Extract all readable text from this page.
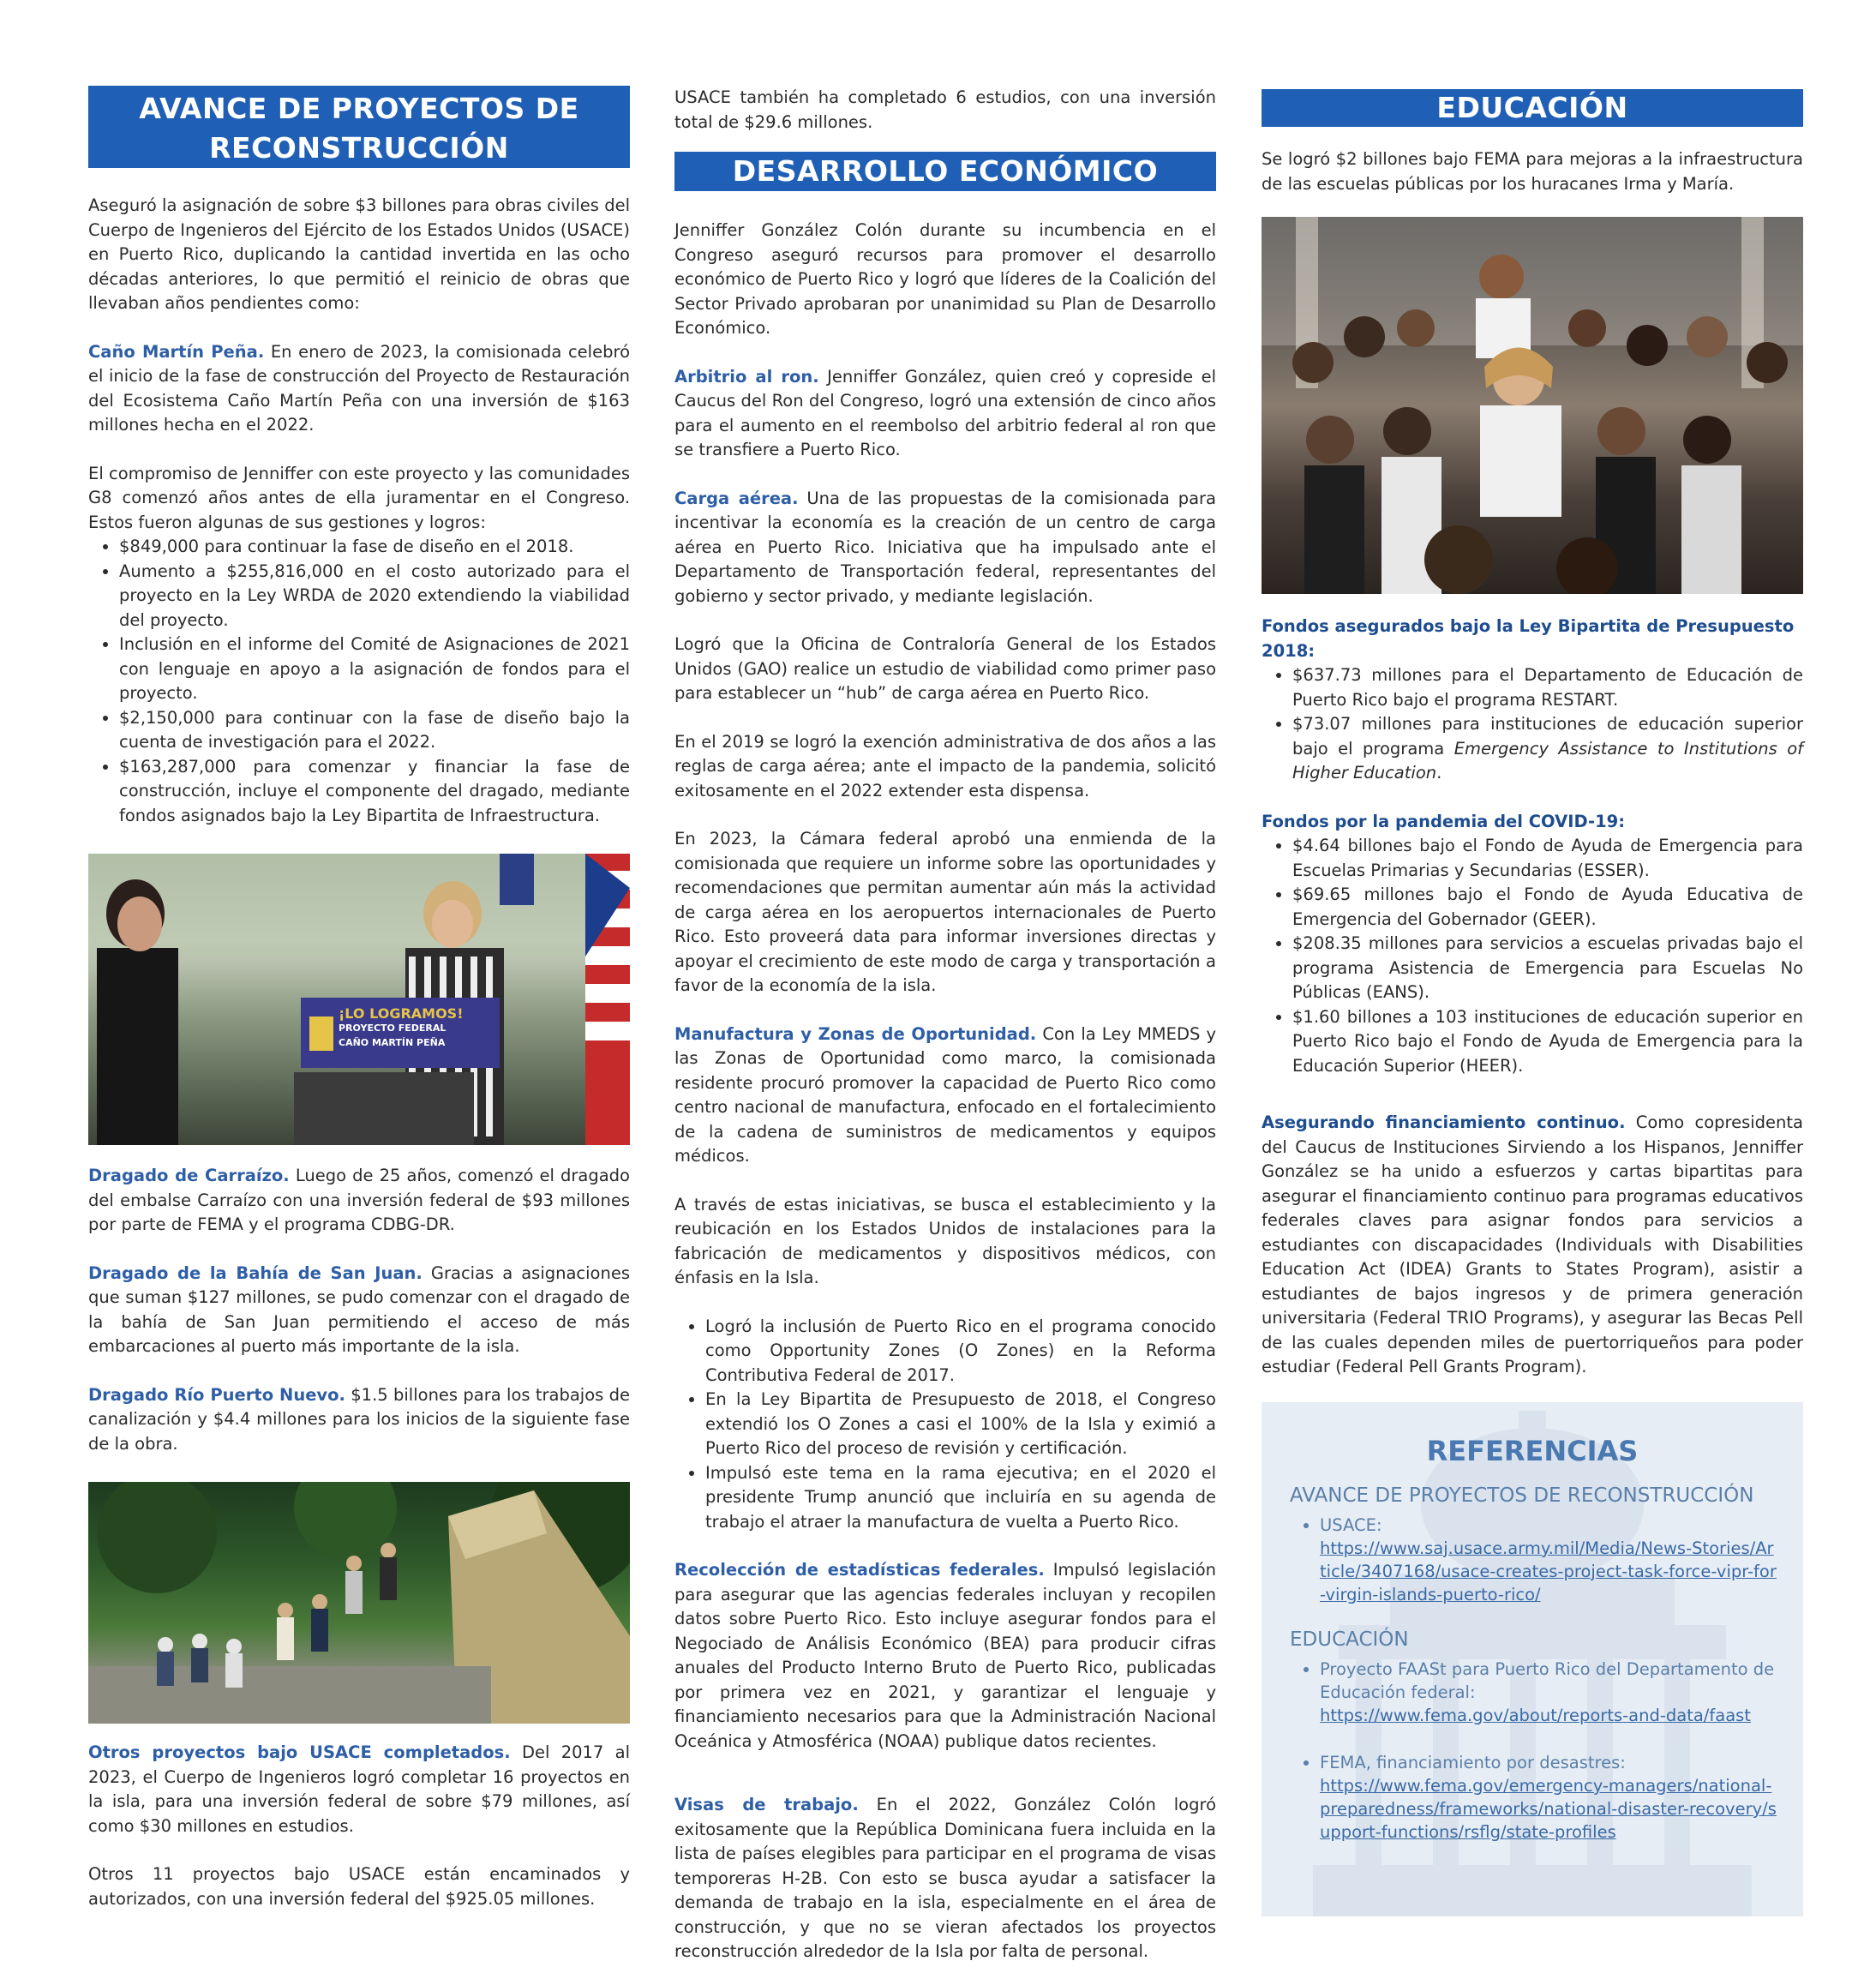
AVANCE DE PROYECTOS DE
RECONSTRUCCIÓN

Aseguró la asignación de sobre $3 billones para obras civiles del Cuerpo de Ingenieros del Ejército de los Estados Unidos (USACE) en Puerto Rico, duplicando la cantidad invertida en las ocho décadas anteriores, lo que permitió el reinicio de obras que llevaban años pendientes como:

Caño Martín Peña. En enero de 2023, la comisionada celebró el inicio de la fase de construcción del Proyecto de Restauración del Ecosistema Caño Martín Peña con una inversión de $163 millones hecha en el 2022.

El compromiso de Jenniffer con este proyecto y las comunidades G8 comenzó años antes de ella juramentar en el Congreso. Estos fueron algunas de sus gestiones y logros:

• $849,000 para continuar la fase de diseño en el 2018.
• Aumento a $255,816,000 en el costo autorizado para el proyecto en la Ley WRDA de 2020 extendiendo la viabilidad del proyecto.
• Inclusión en el informe del Comité de Asignaciones de 2021 con lenguaje en apoyo a la asignación de fondos para el proyecto.
• $2,150,000 para continuar con la fase de diseño bajo la cuenta de investigación para el 2022.
• $163,287,000 para comenzar y financiar la fase de construcción, incluye el componente del dragado, mediante fondos asignados bajo la Ley Bipartita de Infraestructura.
¡LO LOGRAMOS!
PROYECTO FEDERAL
CAÑO MARTÍN PEÑA

Dragado de Carraízo. Luego de 25 años, comenzó el dragado del embalse Carraízo con una inversión federal de $93 millones por parte de FEMA y el programa CDBG-DR.

Dragado de la Bahía de San Juan. Gracias a asignaciones que suman $127 millones, se pudo comenzar con el dragado de la bahía de San Juan permitiendo el acceso de más embarcaciones al puerto más importante de la isla.

Dragado Río Puerto Nuevo. $1.5 billones para los trabajos de canalización y $4.4 millones para los inicios de la siguiente fase de la obra.

Otros proyectos bajo USACE completados. Del 2017 al 2023, el Cuerpo de Ingenieros logró completar 16 proyectos en la isla, para una inversión federal de sobre $79 millones, así como $30 millones en estudios.

Otros 11 proyectos bajo USACE están encaminados y autorizados, con una inversión federal del $925.05 millones.

USACE también ha completado 6 estudios, con una inversión total de $29.6 millones.

DESARROLLO ECONÓMICO

Jenniffer González Colón durante su incumbencia en el Congreso aseguró recursos para promover el desarrollo económico de Puerto Rico y logró que líderes de la Coalición del Sector Privado aprobaran por unanimidad su Plan de Desarrollo Económico.

Arbitrio al ron. Jenniffer González, quien creó y copreside el Caucus del Ron del Congreso, logró una extensión de cinco años para el aumento en el reembolso del arbitrio federal al ron que se transfiere a Puerto Rico.

Carga aérea. Una de las propuestas de la comisionada para incentivar la economía es la creación de un centro de carga aérea en Puerto Rico. Iniciativa que ha impulsado ante el Departamento de Transportación federal, representantes del gobierno y sector privado, y mediante legislación.

Logró que la Oficina de Contraloría General de los Estados Unidos (GAO) realice un estudio de viabilidad como primer paso para establecer un “hub” de carga aérea en Puerto Rico.

En el 2019 se logró la exención administrativa de dos años a las reglas de carga aérea; ante el impacto de la pandemia, solicitó exitosamente en el 2022 extender esta dispensa.

En 2023, la Cámara federal aprobó una enmienda de la comisionada que requiere un informe sobre las oportunidades y recomendaciones que permitan aumentar aún más la actividad de carga aérea en los aeropuertos internacionales de Puerto Rico. Esto proveerá data para informar inversiones directas y apoyar el crecimiento de este modo de carga y transportación a favor de la economía de la isla.

Manufactura y Zonas de Oportunidad. Con la Ley MMEDS y las Zonas de Oportunidad como marco, la comisionada residente procuró promover la capacidad de Puerto Rico como centro nacional de manufactura, enfocado en el fortalecimiento de la cadena de suministros de medicamentos y equipos médicos.

A través de estas iniciativas, se busca el establecimiento y la reubicación en los Estados Unidos de instalaciones para la fabricación de medicamentos y dispositivos médicos, con énfasis en la Isla.

• Logró la inclusión de Puerto Rico en el programa conocido como Opportunity Zones (O Zones) en la Reforma Contributiva Federal de 2017.
• En la Ley Bipartita de Presupuesto de 2018, el Congreso extendió los O Zones a casi el 100% de la Isla y eximió a Puerto Rico del proceso de revisión y certificación.
• Impulsó este tema en la rama ejecutiva; en el 2020 el presidente Trump anunció que incluiría en su agenda de trabajo el atraer la manufactura de vuelta a Puerto Rico.

Recolección de estadísticas federales. Impulsó legislación para asegurar que las agencias federales incluyan y recopilen datos sobre Puerto Rico. Esto incluye asegurar fondos para el Negociado de Análisis Económico (BEA) para producir cifras anuales del Producto Interno Bruto de Puerto Rico, publicadas por primera vez en 2021, y garantizar el lenguaje y financiamiento necesarios para que la Administración Nacional Oceánica y Atmosférica (NOAA) publique datos recientes.

Visas de trabajo. En el 2022, González Colón logró exitosamente que la República Dominicana fuera incluida en la lista de países elegibles para participar en el programa de visas temporeras H-2B. Con esto se busca ayudar a satisfacer la demanda de trabajo en la isla, especialmente en el área de construcción, y que no se vieran afectados los proyectos reconstrucción alrededor de la Isla por falta de personal.

EDUCACIÓN

Se logró $2 billones bajo FEMA para mejoras a la infraestructura de las escuelas públicas por los huracanes Irma y María.

Fondos asegurados bajo la Ley Bipartita de Presupuesto 2018:
• $637.73 millones para el Departamento de Educación de Puerto Rico bajo el programa RESTART.
• $73.07 millones para instituciones de educación superior bajo el programa Emergency Assistance to Institutions of Higher Education.
Fondos por la pandemia del COVID-19:
• $4.64 billones bajo el Fondo de Ayuda de Emergencia para Escuelas Primarias y Secundarias (ESSER).
• $69.65 millones bajo el Fondo de Ayuda Educativa de Emergencia del Gobernador (GEER).
• $208.35 millones para servicios a escuelas privadas bajo el programa Asistencia de Emergencia para Escuelas No Públicas (EANS).
• $1.60 billones a 103 instituciones de educación superior en Puerto Rico bajo el Fondo de Ayuda de Emergencia para la Educación Superior (HEER).

Asegurando financiamiento continuo. Como copresidenta del Caucus de Instituciones Sirviendo a los Hispanos, Jenniffer González se ha unido a esfuerzos y cartas bipartitas para asegurar el financiamiento continuo para programas educativos federales claves para asignar fondos para servicios a estudiantes con discapacidades (Individuals with Disabilities Education Act (IDEA) Grants to States Program), asistir a estudiantes de bajos ingresos y de primera generación universitaria (Federal TRIO Programs), y asegurar las Becas Pell de las cuales dependen miles de puertorriqueños para poder estudiar (Federal Pell Grants Program).

REFERENCIAS
AVANCE DE PROYECTOS DE RECONSTRUCCIÓN
• USACE:
https://www.saj.usace.army.mil/Media/News-Stories/Article/3407168/usace-creates-project-task-force-vipr-for-virgin-islands-puerto-rico/
EDUCACIÓN
• Proyecto FAASt para Puerto Rico del Departamento de Educación federal:
https://www.fema.gov/about/reports-and-data/faast
• FEMA, financiamiento por desastres:
https://www.fema.gov/emergency-managers/national-preparedness/frameworks/national-disaster-recovery/support-functions/rsflg/state-profiles
